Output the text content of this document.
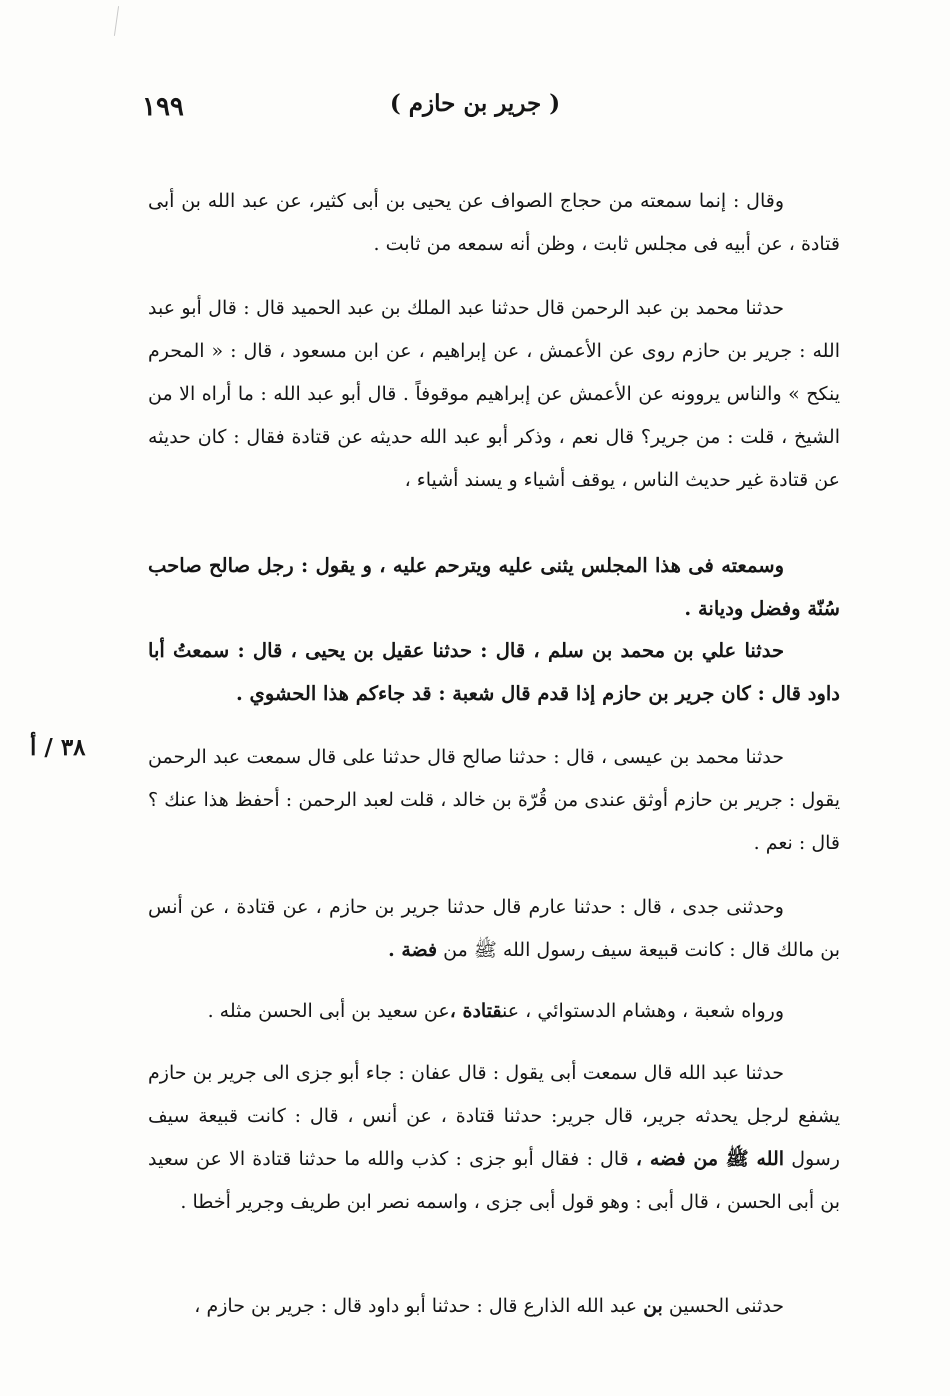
١٩٩	( جرير بن حازم )
٣٨ / أ

وقال : إنما سمعته من حجاج الصواف عن يحيى بن أبى كثير، عن عبد الله بن أبى قتادة ، عن أبيه فى مجلس ثابت ، وظن أنه سمعه من ثابت .

حدثنا محمد بن عبد الرحمن قال حدثنا عبد الملك بن عبد الحميد قال : قال أبو عبد الله : جرير بن حازم روى عن الأعمش ، عن إبراهيم ، عن ابن مسعود ، قال : « المحرم ينكح » والناس يروونه عن الأعمش عن إبراهيم موقوفاً . قال أبو عبد الله : ما أراه الا من الشيخ ، قلت : من جرير؟ قال نعم ، وذكر أبو عبد الله حديثه عن قتادة فقال : كان حديثه عن قتادة غير حديث الناس ، يوقف أشياء و يسند أشياء ،

وسمعته فى هذا المجلس يثنى عليه ويترحم عليه ، و يقول : رجل صالح صاحب سُنّة وفضل وديانة .

حدثنا علي بن محمد بن سلم ، قال : حدثنا عقيل بن يحيى ، قال : سمعتُ أبا داود قال : كان جرير بن حازم إذا قدم قال شعبة : قد جاءكم هذا الحشوي .

حدثنا محمد بن عيسى ، قال : حدثنا صالح قال حدثنا على قال سمعت عبد الرحمن يقول : جرير بن حازم أوثق عندى من قُرّة بن خالد ، قلت لعبد الرحمن : أحفظ هذا عنك ؟ قال : نعم .

وحدثنى جدى ، قال : حدثنا عارم قال حدثنا جرير بن حازم ، عن قتادة ، عن أنس بن مالك قال : كانت قبيعة سيف رسول الله ﷺ من فضة .

ورواه شعبة ، وهشام الدستوائي ، عنقتادة ،عن سعيد بن أبى الحسن مثله .

حدثنا عبد الله قال سمعت أبى يقول : قال عفان : جاء أبو جزى الى جرير بن حازم يشفع لرجل يحدثه جرير، قال جرير: حدثنا قتادة ، عن أنس ، قال : كانت قبيعة سيف رسول الله ﷺ من فضه ، قال : فقال أبو جزى : كذب والله ما حدثنا قتادة الا عن سعيد بن أبى الحسن ، قال أبى : وهو قول أبى جزى ، واسمه نصر ابن طريف وجرير أخطا .

حدثنى الحسين بن عبد الله الذارع قال : حدثنا أبو داود قال : جرير بن حازم ،
